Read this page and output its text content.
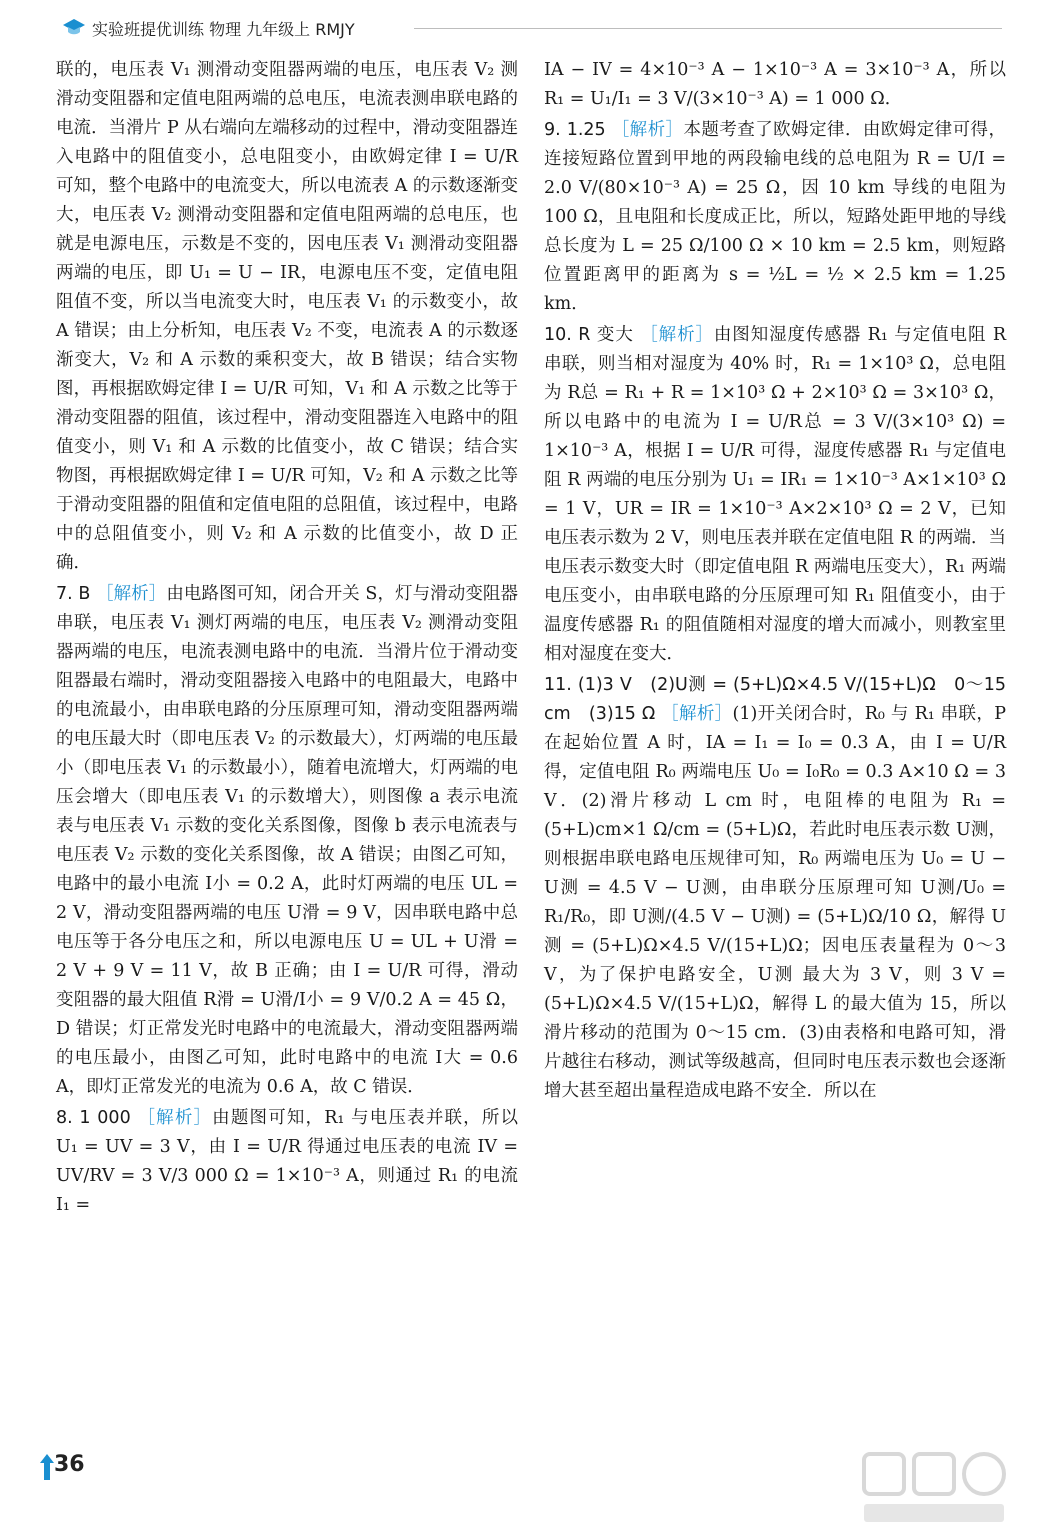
实验班提优训练 物理 九年级上 RMJY

联的，电压表 V₁ 测滑动变阻器两端的电压，电压表 V₂ 测滑动变阻器和定值电阻两端的总电压，电流表测串联电路的电流．当滑片 P 从右端向左端移动的过程中，滑动变阻器连入电路中的阻值变小，总电阻变小，由欧姆定律 I = U/R 可知，整个电路中的电流变大，所以电流表 A 的示数逐渐变大，电压表 V₂ 测滑动变阻器和定值电阻两端的总电压，也就是电源电压，示数是不变的，因电压表 V₁ 测滑动变阻器两端的电压，即 U₁ = U − IR，电源电压不变，定值电阻阻值不变，所以当电流变大时，电压表 V₁ 的示数变小，故 A 错误；由上分析知，电压表 V₂ 不变，电流表 A 的示数逐渐变大，V₂ 和 A 示数的乘积变大，故 B 错误；结合实物图，再根据欧姆定律 I = U/R 可知，V₁ 和 A 示数之比等于滑动变阻器的阻值，该过程中，滑动变阻器连入电路中的阻值变小，则 V₁ 和 A 示数的比值变小，故 C 错误；结合实物图，再根据欧姆定律 I = U/R 可知，V₂ 和 A 示数之比等于滑动变阻器的阻值和定值电阻的总阻值，该过程中，电路中的总阻值变小，则 V₂ 和 A 示数的比值变小，故 D 正确．

7. B ［解析］由电路图可知，闭合开关 S，灯与滑动变阻器串联，电压表 V₁ 测灯两端的电压，电压表 V₂ 测滑动变阻器两端的电压，电流表测电路中的电流．当滑片位于滑动变阻器最右端时，滑动变阻器接入电路中的电阻最大，电路中的电流最小，由串联电路的分压原理可知，滑动变阻器两端的电压最大时（即电压表 V₂ 的示数最大），灯两端的电压最小（即电压表 V₁ 的示数最小），随着电流增大，灯两端的电压会增大（即电压表 V₁ 的示数增大），则图像 a 表示电流表与电压表 V₁ 示数的变化关系图像，图像 b 表示电流表与电压表 V₂ 示数的变化关系图像，故 A 错误；由图乙可知，电路中的最小电流 I小 = 0.2 A，此时灯两端的电压 UL = 2 V，滑动变阻器两端的电压 U滑 = 9 V，因串联电路中总电压等于各分电压之和，所以电源电压 U = UL + U滑 = 2 V + 9 V = 11 V，故 B 正确；由 I = U/R 可得，滑动变阻器的最大阻值 R滑 = U滑/I小 = 9 V/0.2 A = 45 Ω，D 错误；灯正常发光时电路中的电流最大，滑动变阻器两端的电压最小，由图乙可知，此时电路中的电流 I大 = 0.6 A，即灯正常发光的电流为 0.6 A，故 C 错误．

8. 1 000 ［解析］由题图可知，R₁ 与电压表并联，所以 U₁ = UV = 3 V，由 I = U/R 得通过电压表的电流 IV = UV/RV = 3 V/3 000 Ω = 1×10⁻³ A，则通过 R₁ 的电流 I₁ =

IA − IV = 4×10⁻³ A − 1×10⁻³ A = 3×10⁻³ A，所以 R₁ = U₁/I₁ = 3 V/(3×10⁻³ A) = 1 000 Ω．

9. 1.25 ［解析］本题考查了欧姆定律．由欧姆定律可得，连接短路位置到甲地的两段输电线的总电阻为 R = U/I = 2.0 V/(80×10⁻³ A) = 25 Ω，因 10 km 导线的电阻为 100 Ω，且电阻和长度成正比，所以，短路处距甲地的导线总长度为 L = 25 Ω/100 Ω × 10 km = 2.5 km，则短路位置距离甲的距离为 s = ½L = ½ × 2.5 km = 1.25 km．

10. R 变大 ［解析］由图知湿度传感器 R₁ 与定值电阻 R 串联，则当相对湿度为 40% 时，R₁ = 1×10³ Ω，总电阻为 R总 = R₁ + R = 1×10³ Ω + 2×10³ Ω = 3×10³ Ω，所以电路中的电流为 I = U/R总 = 3 V/(3×10³ Ω) = 1×10⁻³ A，根据 I = U/R 可得，湿度传感器 R₁ 与定值电阻 R 两端的电压分别为 U₁ = IR₁ = 1×10⁻³ A×1×10³ Ω = 1 V，UR = IR = 1×10⁻³ A×2×10³ Ω = 2 V，已知电压表示数为 2 V，则电压表并联在定值电阻 R 的两端．当电压表示数变大时（即定值电阻 R 两端电压变大），R₁ 两端电压变小，由串联电路的分压原理可知 R₁ 阻值变小，由于温度传感器 R₁ 的阻值随相对湿度的增大而减小，则教室里相对湿度在变大．

11. (1)3 V　(2)U测 = (5+L)Ω×4.5 V/(15+L)Ω　0～15 cm　(3)15 Ω ［解析］(1)开关闭合时，R₀ 与 R₁ 串联，P 在起始位置 A 时，IA = I₁ = I₀ = 0.3 A，由 I = U/R 得，定值电阻 R₀ 两端电压 U₀ = I₀R₀ = 0.3 A×10 Ω = 3 V．(2)滑片移动 L cm 时，电阻棒的电阻为 R₁ = (5+L)cm×1 Ω/cm = (5+L)Ω，若此时电压表示数 U测，则根据串联电路电压规律可知，R₀ 两端电压为 U₀ = U − U测 = 4.5 V − U测，由串联分压原理可知 U测/U₀ = R₁/R₀，即 U测/(4.5 V − U测) = (5+L)Ω/10 Ω，解得 U测 = (5+L)Ω×4.5 V/(15+L)Ω；因电压表量程为 0～3 V，为了保护电路安全，U测 最大为 3 V，则 3 V = (5+L)Ω×4.5 V/(15+L)Ω，解得 L 的最大值为 15，所以滑片移动的范围为 0～15 cm．(3)由表格和电路可知，滑片越往右移动，测试等级越高，但同时电压表示数也会逐渐增大甚至超出量程造成电路不安全．所以在

36
